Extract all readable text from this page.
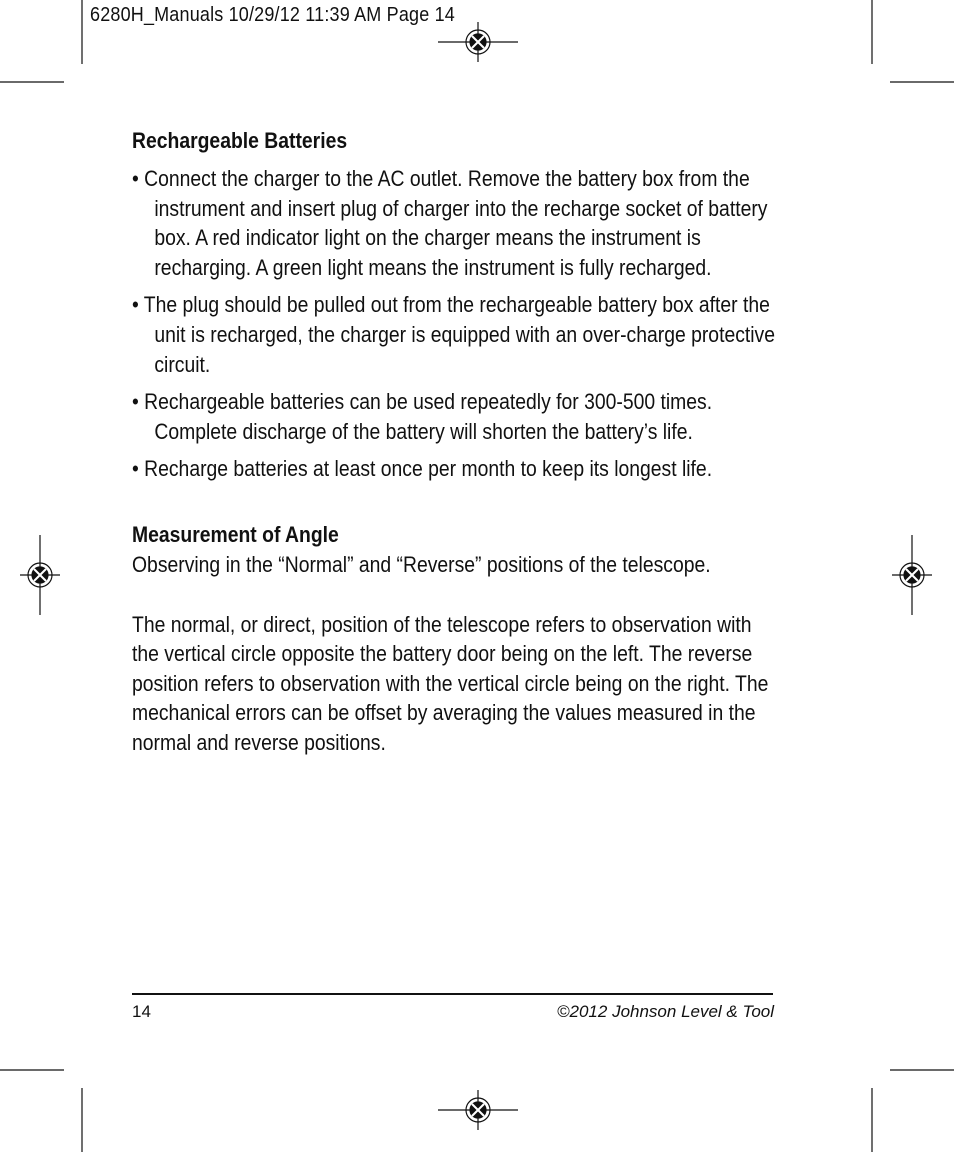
6280H_Manuals 10/29/12 11:39 AM Page 14
Rechargeable Batteries

• Connect the charger to the AC outlet. Remove the battery box from the instrument and insert plug of charger into the recharge socket of battery box. A red indicator light on the charger means the instrument is recharging. A green light means the instrument is fully recharged.

• The plug should be pulled out from the rechargeable battery box after the unit is recharged, the charger is equipped with an over-charge protective circuit.

• Rechargeable batteries can be used repeatedly for 300-500 times. Complete discharge of the battery will shorten the battery’s life.

• Recharge batteries at least once per month to keep its longest life.

Measurement of Angle

Observing in the “Normal” and “Reverse” positions of the telescope.

The normal, or direct, position of the telescope refers to observation with the vertical circle opposite the battery door being on the left. The reverse position refers to observation with the vertical circle being on the right. The mechanical errors can be offset by averaging the values measured in the normal and reverse positions.

14	©2012 Johnson Level & Tool
